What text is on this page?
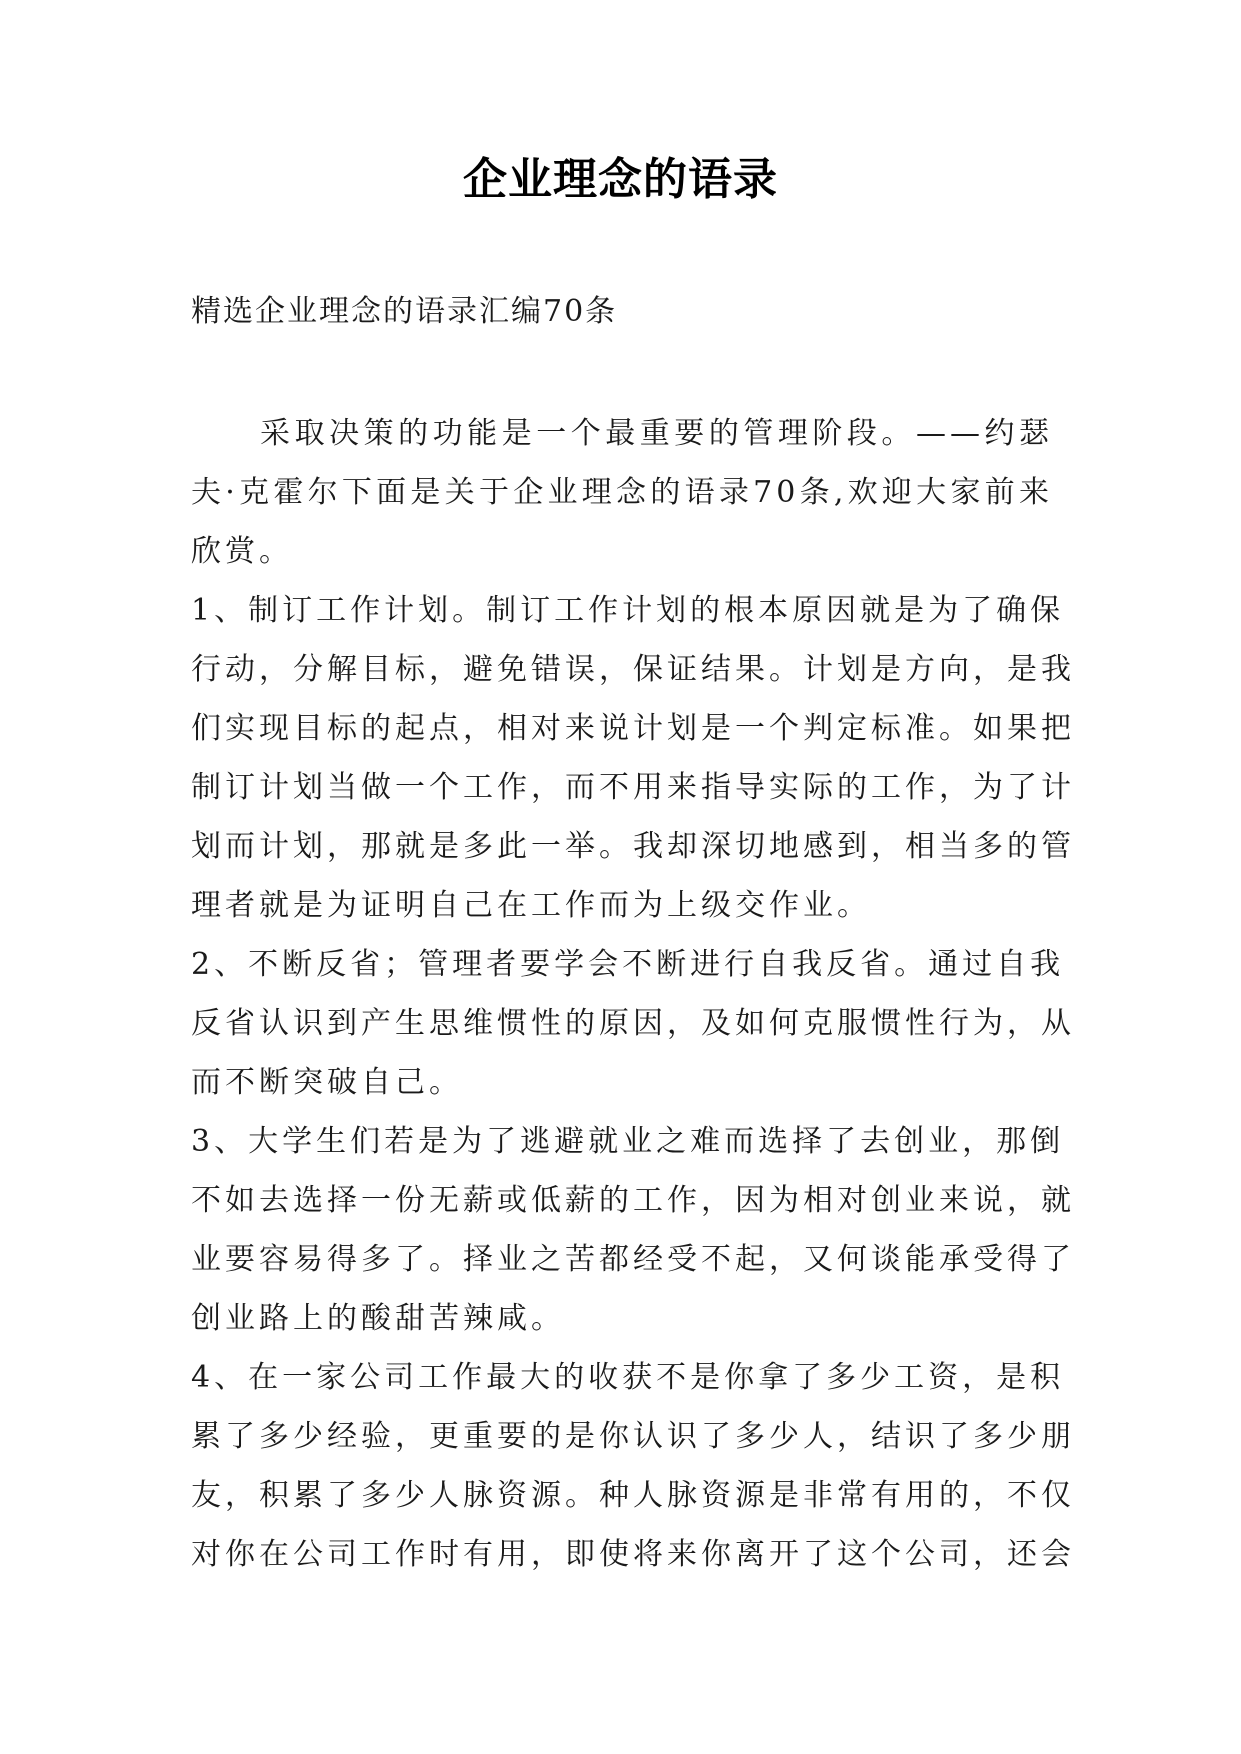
企业理念的语录
精选企业理念的语录汇编70条
　　采取决策的功能是一个最重要的管理阶段。——约瑟
夫·克霍尔下面是关于企业理念的语录70条,欢迎大家前来
欣赏。
1、制订工作计划。制订工作计划的根本原因就是为了确保
行动，分解目标，避免错误，保证结果。计划是方向，是我
们实现目标的起点，相对来说计划是一个判定标准。如果把
制订计划当做一个工作，而不用来指导实际的工作，为了计
划而计划，那就是多此一举。我却深切地感到，相当多的管
理者就是为证明自己在工作而为上级交作业。
2、不断反省；管理者要学会不断进行自我反省。通过自我
反省认识到产生思维惯性的原因，及如何克服惯性行为，从
而不断突破自己。
3、大学生们若是为了逃避就业之难而选择了去创业，那倒
不如去选择一份无薪或低薪的工作，因为相对创业来说，就
业要容易得多了。择业之苦都经受不起，又何谈能承受得了
创业路上的酸甜苦辣咸。
4、在一家公司工作最大的收获不是你拿了多少工资，是积
累了多少经验，更重要的是你认识了多少人，结识了多少朋
友，积累了多少人脉资源。种人脉资源是非常有用的，不仅
对你在公司工作时有用，即使将来你离开了这个公司，还会
